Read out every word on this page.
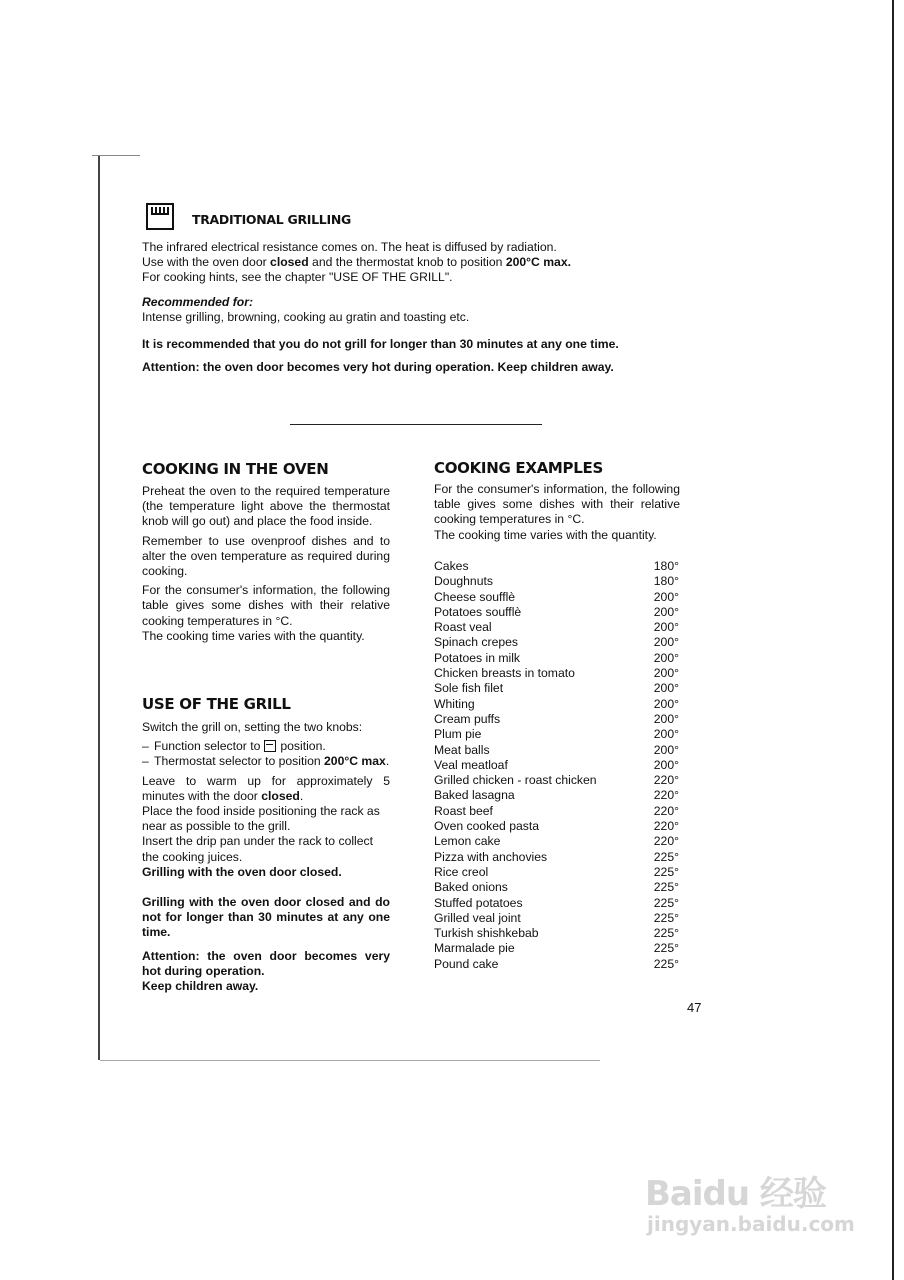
TRADITIONAL GRILLING

The infrared electrical resistance comes on. The heat is diffused by radiation.

Use with the oven door closed and the thermostat knob to position 200°C max.

For cooking hints, see the chapter "USE OF THE GRILL".

Recommended for:

Intense grilling, browning, cooking au gratin and toasting etc.

It is recommended that you do not grill for longer than 30 minutes at any one time.

Attention: the oven door becomes very hot during operation. Keep children away.

COOKING IN THE OVEN

Preheat the oven to the required temperature (the temperature light above the thermostat knob will go out) and place the food inside.

Remember to use ovenproof dishes and to alter the oven temperature as required during cooking.

For the consumer's information, the following table gives some dishes with their relative cooking temperatures in °C.

The cooking time varies with the quantity.

USE OF THE GRILL

Switch the grill on, setting the two knobs:

– Function selector to position.
– Thermostat selector to position 200°C max.

Leave to warm up for approximately 5 minutes with the door closed.

Place the food inside positioning the rack as near as possible to the grill.

Insert the drip pan under the rack to collect the cooking juices.

Grilling with the oven door closed.

Grilling with the oven door closed and do not for longer than 30 minutes at any one time.

Attention: the oven door becomes very hot during operation.

Keep children away.

COOKING EXAMPLES

For the consumer's information, the following table gives some dishes with their relative cooking temperatures in °C.

The cooking time varies with the quantity.

Cakes	180°
Doughnuts	180°
Cheese soufflè	200°
Potatoes soufflè	200°
Roast veal	200°
Spinach crepes	200°
Potatoes in milk	200°
Chicken breasts in tomato	200°
Sole fish filet	200°
Whiting	200°
Cream puffs	200°
Plum pie	200°
Meat balls	200°
Veal meatloaf	200°
Grilled chicken - roast chicken	220°
Baked lasagna	220°
Roast beef	220°
Oven cooked pasta	220°
Lemon cake	220°
Pizza with anchovies	225°
Rice creol	225°
Baked onions	225°
Stuffed potatoes	225°
Grilled veal joint	225°
Turkish shishkebab	225°
Marmalade pie	225°
Pound cake	225°
47
Baidu 经验
jingyan.baidu.com
